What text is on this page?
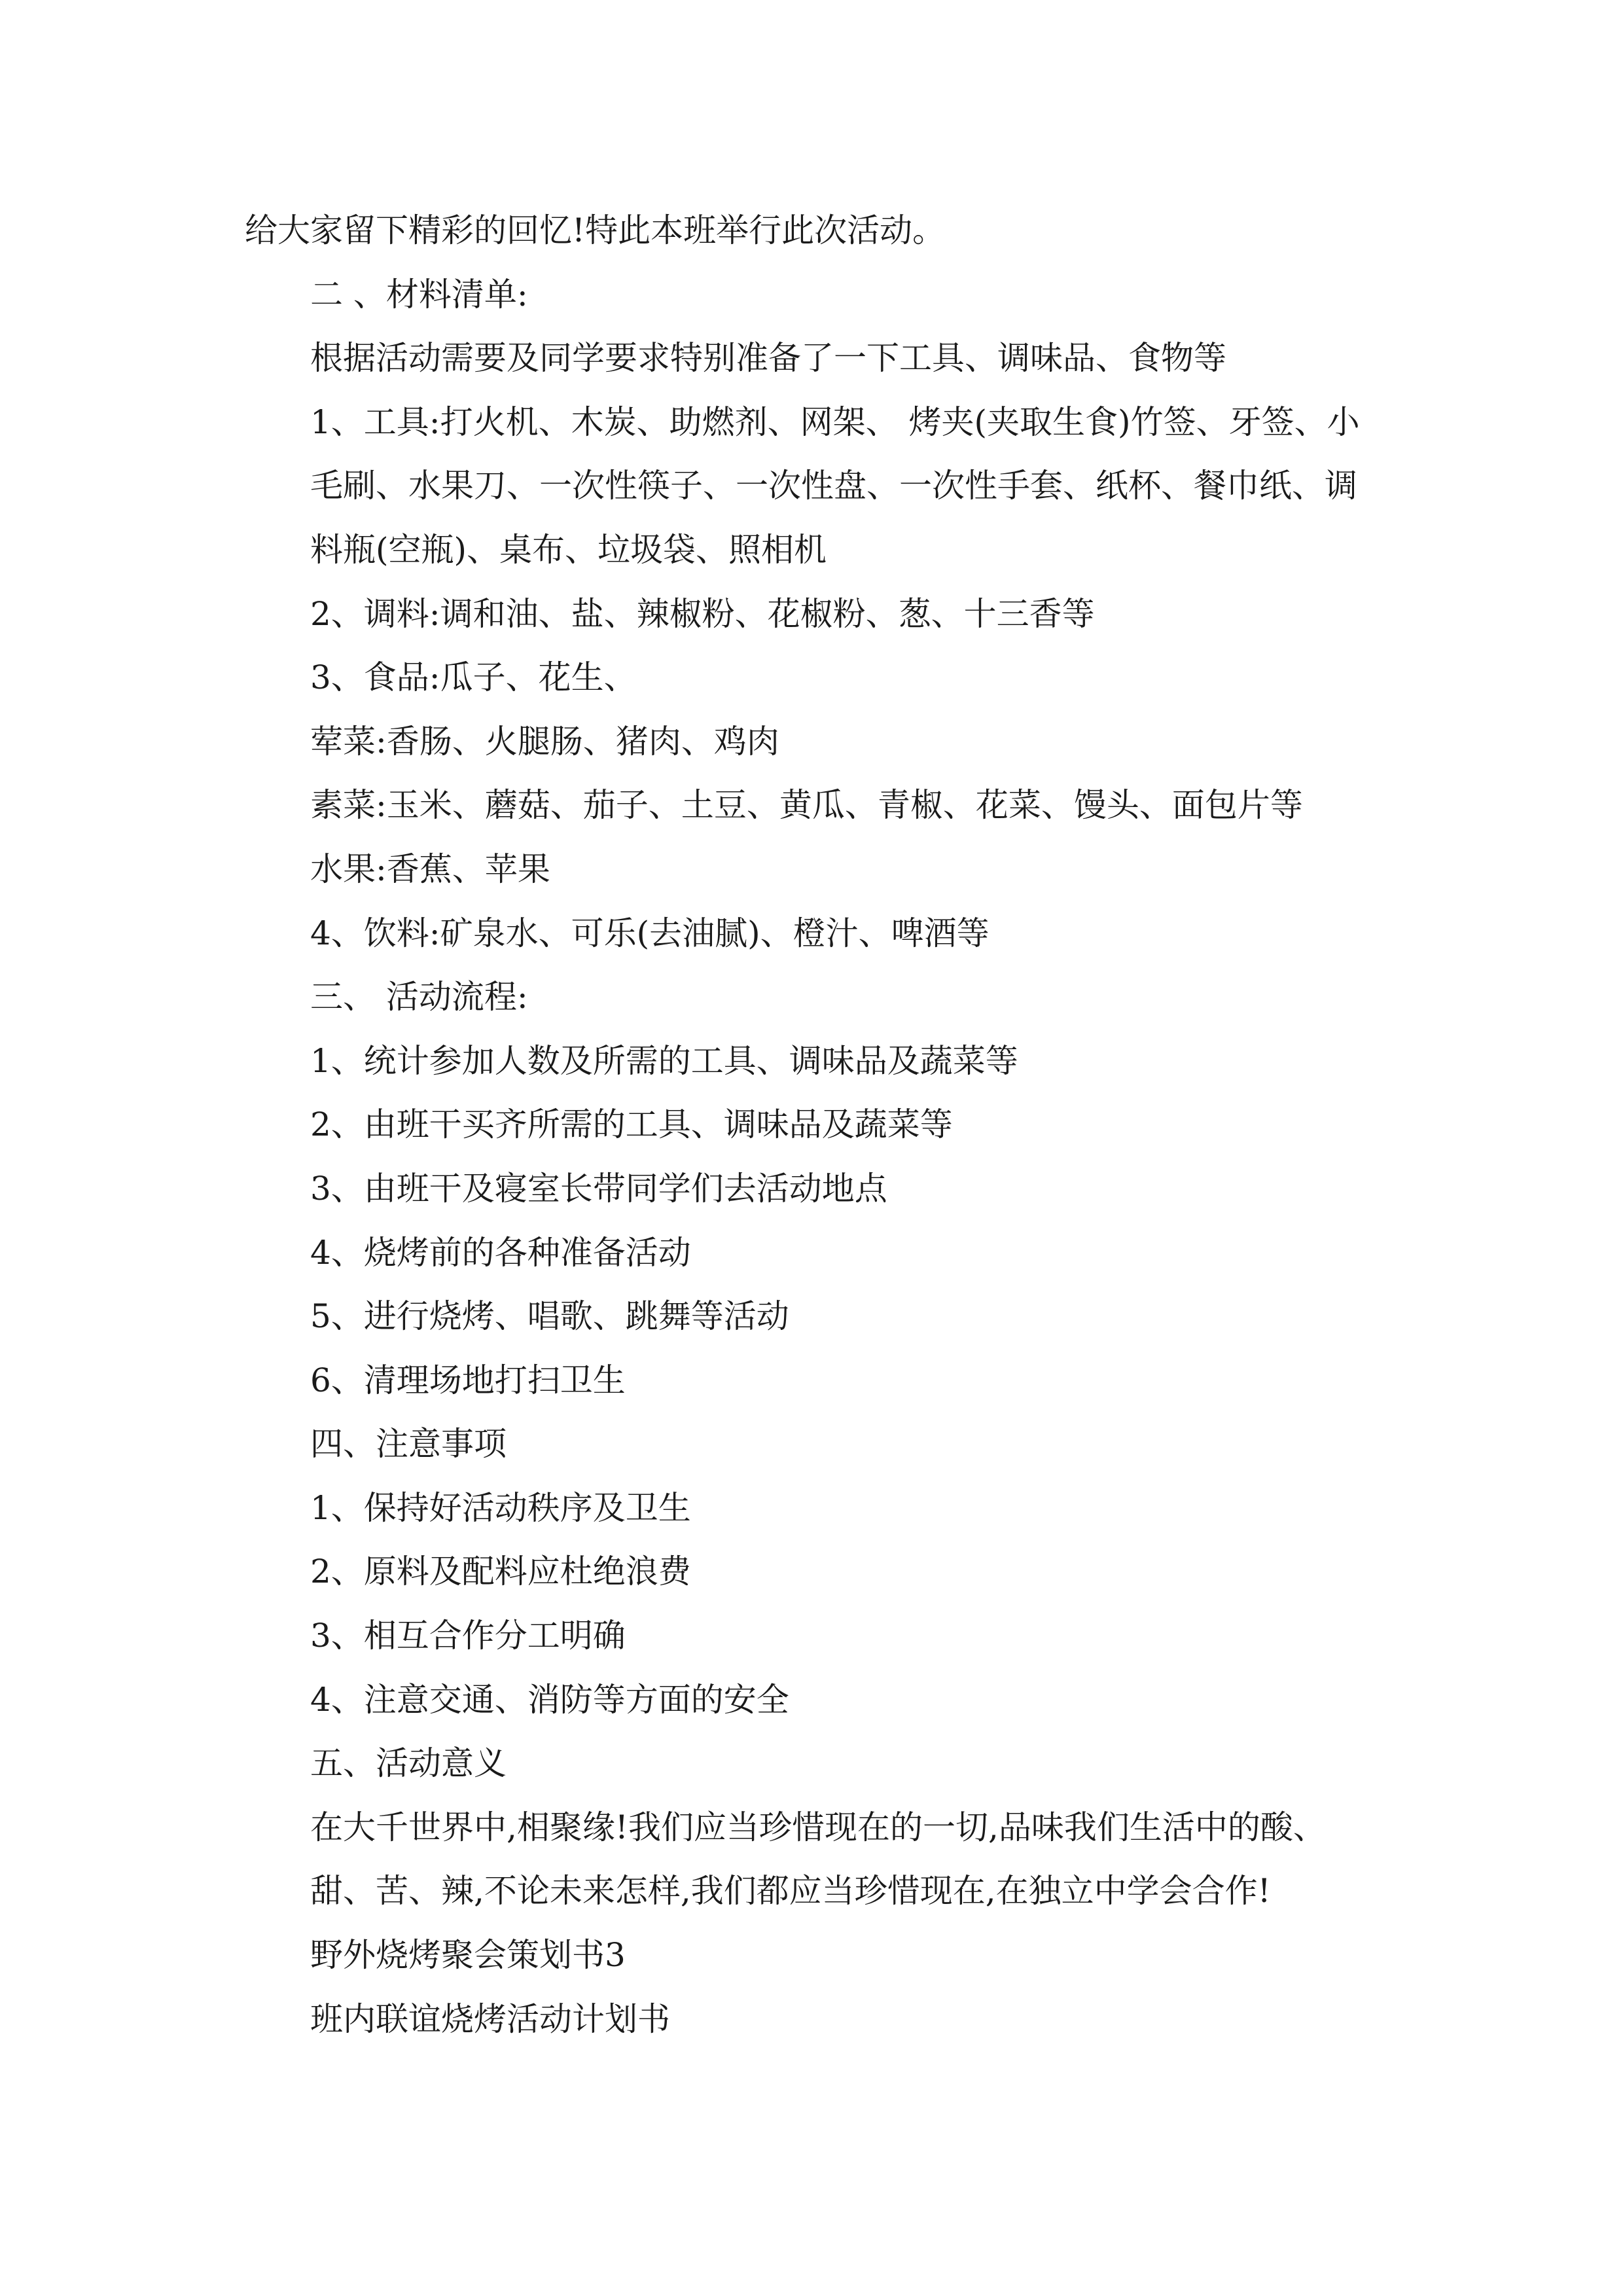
给大家留下精彩的回忆!特此本班举行此次活动。

二 、材料清单:

根据活动需要及同学要求特别准备了一下工具、调味品、食物等

1、工具:打火机、木炭、助燃剂、网架、 烤夹(夹取生食)竹签、牙签、小毛刷、水果刀、一次性筷子、一次性盘、一次性手套、纸杯、餐巾纸、调料瓶(空瓶)、桌布、垃圾袋、照相机

2、调料:调和油、盐、辣椒粉、花椒粉、葱、十三香等

3、食品:瓜子、花生、

荤菜:香肠、火腿肠、猪肉、鸡肉

素菜:玉米、蘑菇、茄子、土豆、黄瓜、青椒、花菜、馒头、面包片等

水果:香蕉、苹果

4、饮料:矿泉水、可乐(去油腻)、橙汁、啤酒等

三、 活动流程:

1、统计参加人数及所需的工具、调味品及蔬菜等

2、由班干买齐所需的工具、调味品及蔬菜等

3、由班干及寝室长带同学们去活动地点

4、烧烤前的各种准备活动

5、进行烧烤、唱歌、跳舞等活动

6、清理场地打扫卫生

四、注意事项

1、保持好活动秩序及卫生

2、原料及配料应杜绝浪费

3、相互合作分工明确

4、注意交通、消防等方面的安全

五、活动意义

在大千世界中,相聚缘!我们应当珍惜现在的一切,品味我们生活中的酸、甜、苦、辣,不论未来怎样,我们都应当珍惜现在,在独立中学会合作!

野外烧烤聚会策划书3

班内联谊烧烤活动计划书
